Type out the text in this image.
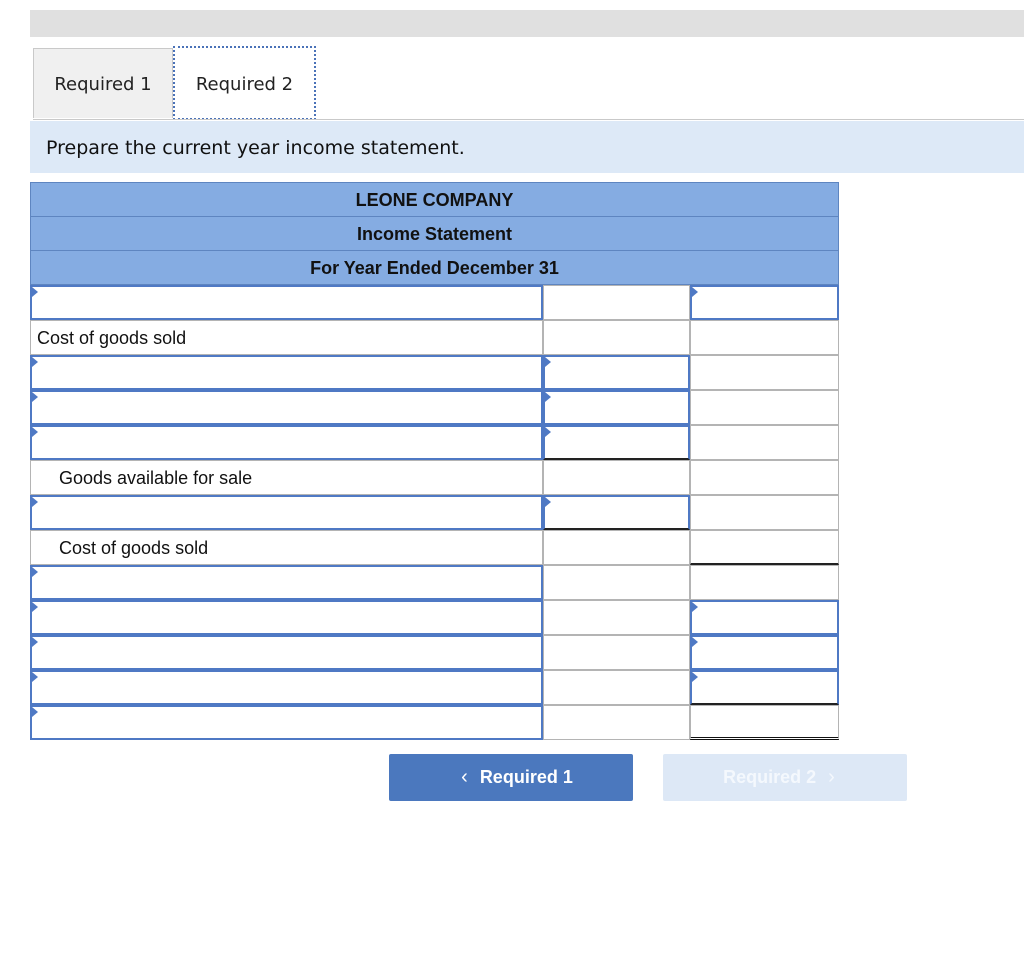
Required 1	Required 2
Prepare the current year income statement.
LEONE COMPANY
Income Statement
For Year Ended December 31
Cost of goods sold
Goods available for sale
Cost of goods sold
‹ Required 1	Required 2 ›
